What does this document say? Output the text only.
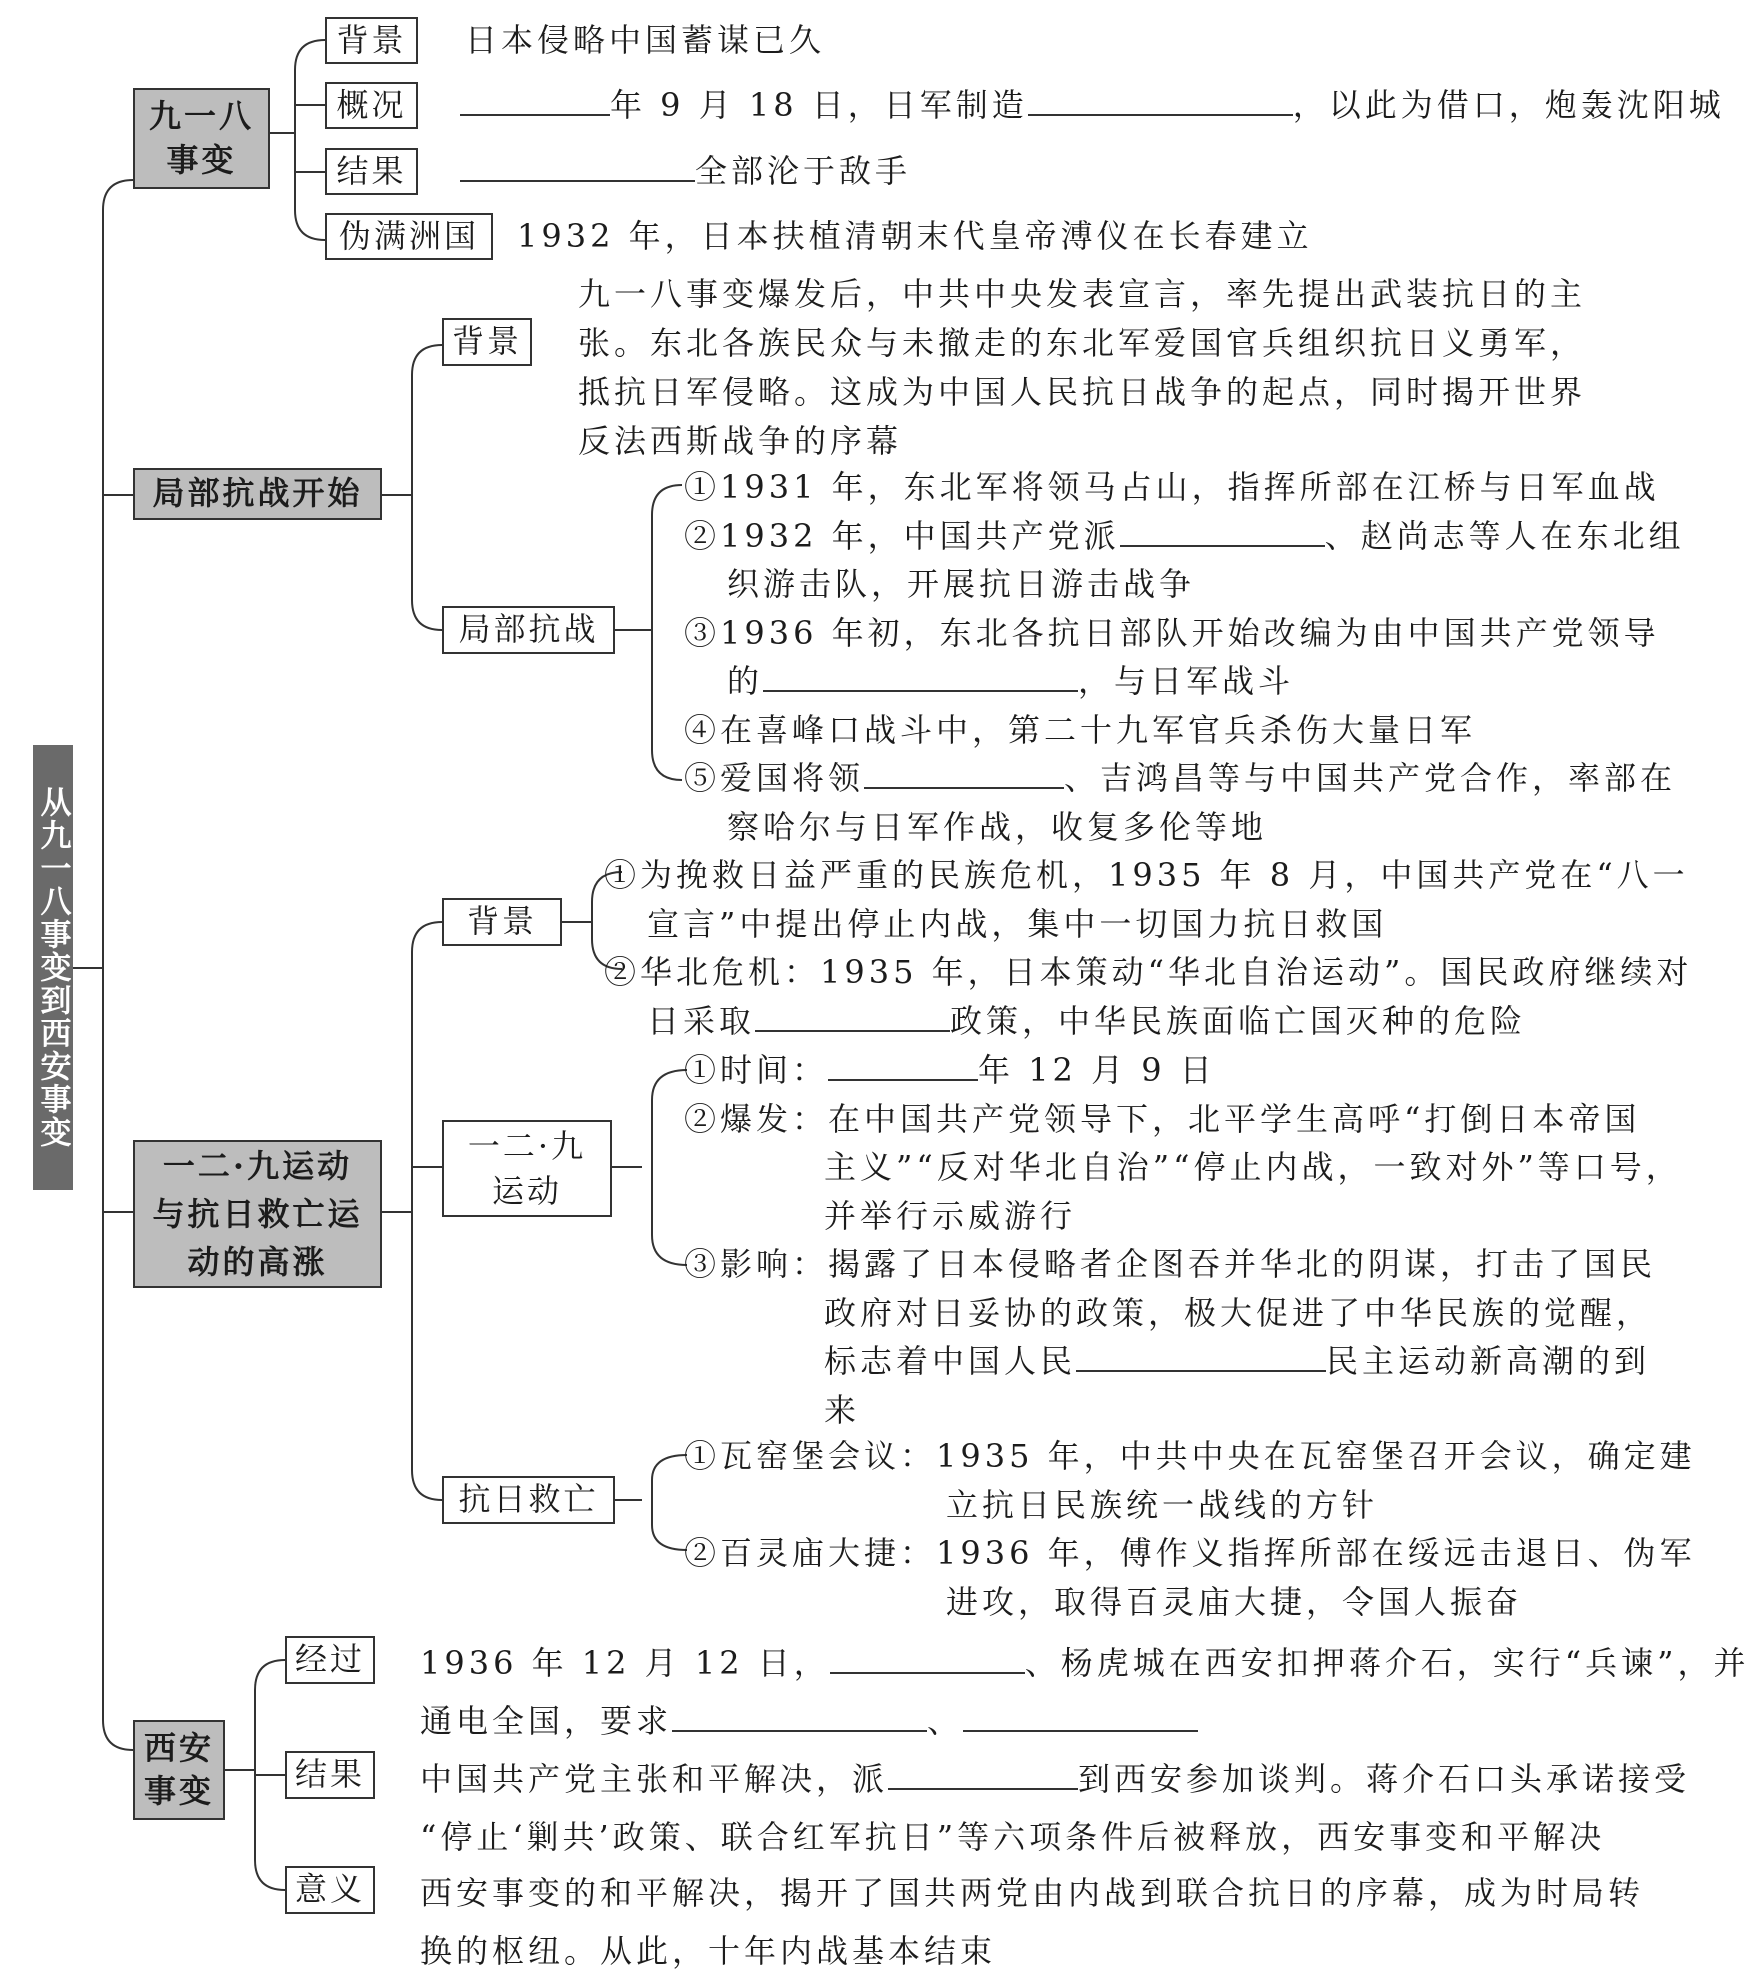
从九一八事变到西安事变
九一八
事变
背景	日本侵略中国蓄谋已久
概况	年 9 月 18 日，日军制造	，以此为借口，炮轰沈阳城
结果	全部沦于敌手
伪满洲国	1932 年，日本扶植清朝末代皇帝溥仪在长春建立
局部抗战开始
背景
九一八事变爆发后，中共中央发表宣言，率先提出武装抗日的主
张。东北各族民众与未撤走的东北军爱国官兵组织抗日义勇军，
抵抗日军侵略。这成为中国人民抗日战争的起点，同时揭开世界
反法西斯战争的序幕
局部抗战
①1931 年，东北军将领马占山，指挥所部在江桥与日军血战
②1932 年，中国共产党派	、赵尚志等人在东北组
织游击队，开展抗日游击战争
③1936 年初，东北各抗日部队开始改编为由中国共产党领导
的	，与日军战斗
④在喜峰口战斗中，第二十九军官兵杀伤大量日军
⑤爱国将领	、吉鸿昌等与中国共产党合作，率部在
察哈尔与日军作战，收复多伦等地
一二·九运动
与抗日救亡运
动的高涨
背景
①为挽救日益严重的民族危机，1935 年 8 月，中国共产党在“八一
宣言”中提出停止内战，集中一切国力抗日救国
②华北危机：1935 年，日本策动“华北自治运动”。国民政府继续对
日采取	政策，中华民族面临亡国灭种的危险
一二·九
运动
①时间：	年 12 月 9 日
②爆发：在中国共产党领导下，北平学生高呼“打倒日本帝国
主义”“反对华北自治”“停止内战，一致对外”等口号，
并举行示威游行
③影响：揭露了日本侵略者企图吞并华北的阴谋，打击了国民
政府对日妥协的政策，极大促进了中华民族的觉醒，
标志着中国人民	民主运动新高潮的到
来
抗日救亡
①瓦窑堡会议：1935 年，中共中央在瓦窑堡召开会议，确定建
立抗日民族统一战线的方针
②百灵庙大捷：1936 年，傅作义指挥所部在绥远击退日、伪军
进攻，取得百灵庙大捷，令国人振奋
西安
事变
经过	1936 年 12 月 12 日，	、杨虎城在西安扣押蒋介石，实行“兵谏”，并
通电全国，要求	、
结果	中国共产党主张和平解决，派	到西安参加谈判。蒋介石口头承诺接受
“停止‘剿共’政策、联合红军抗日”等六项条件后被释放，西安事变和平解决
意义	西安事变的和平解决，揭开了国共两党由内战到联合抗日的序幕，成为时局转
换的枢纽。从此，十年内战基本结束
